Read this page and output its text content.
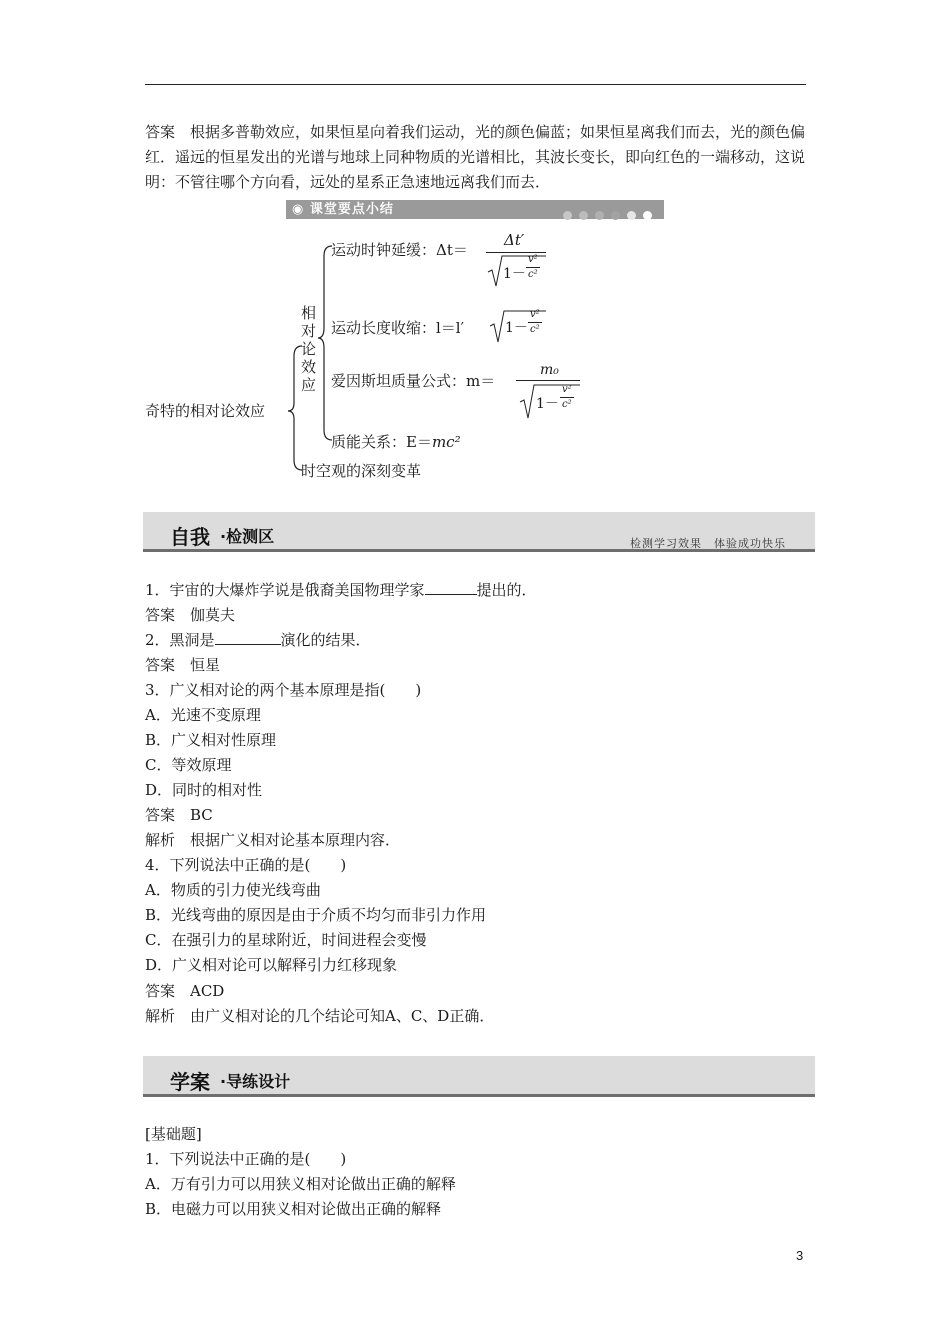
答案　 根据多普勒效应，如果恒星向着我们运动，光的颜色偏蓝；如果恒星离我们而去，光的颜色偏红．遥远的恒星发出的光谱与地球上同种物质的光谱相比，其波长变长，即向红色的一端移动，这说明：不管往哪个方向看，远处的星系正急速地远离我们而去．
◉ 课堂要点小结
奇特的相对论效应
相对论效应
运动时钟延缓：Δt＝
Δt′
1－
v²
c²
运动长度收缩：l＝l′	1－
v²
c²
爱因斯坦质量公式：m＝
m₀
1－
v²
c²
质能关系：E＝mc²
时空观的深刻变革
自我 ·检测区	检测学习效果　体验成功快乐
1．宇宙的大爆炸学说是俄裔美国物理学家	提出的．
答案　伽莫夫
2．黑洞是	演化的结果．
答案　恒星
3．广义相对论的两个基本原理是指(　　)
A．光速不变原理
B．广义相对性原理
C．等效原理
D．同时的相对性
答案　BC
解析　根据广义相对论基本原理内容．
4．下列说法中正确的是(　　)
A．物质的引力使光线弯曲
B．光线弯曲的原因是由于介质不均匀而非引力作用
C．在强引力的星球附近，时间进程会变慢
D．广义相对论可以解释引力红移现象
答案　ACD
解析　由广义相对论的几个结论可知A、C、D正确．
学案 ·导练设计
[基础题]
1．下列说法中正确的是(　　)
A．万有引力可以用狭义相对论做出正确的解释
B．电磁力可以用狭义相对论做出正确的解释
3
